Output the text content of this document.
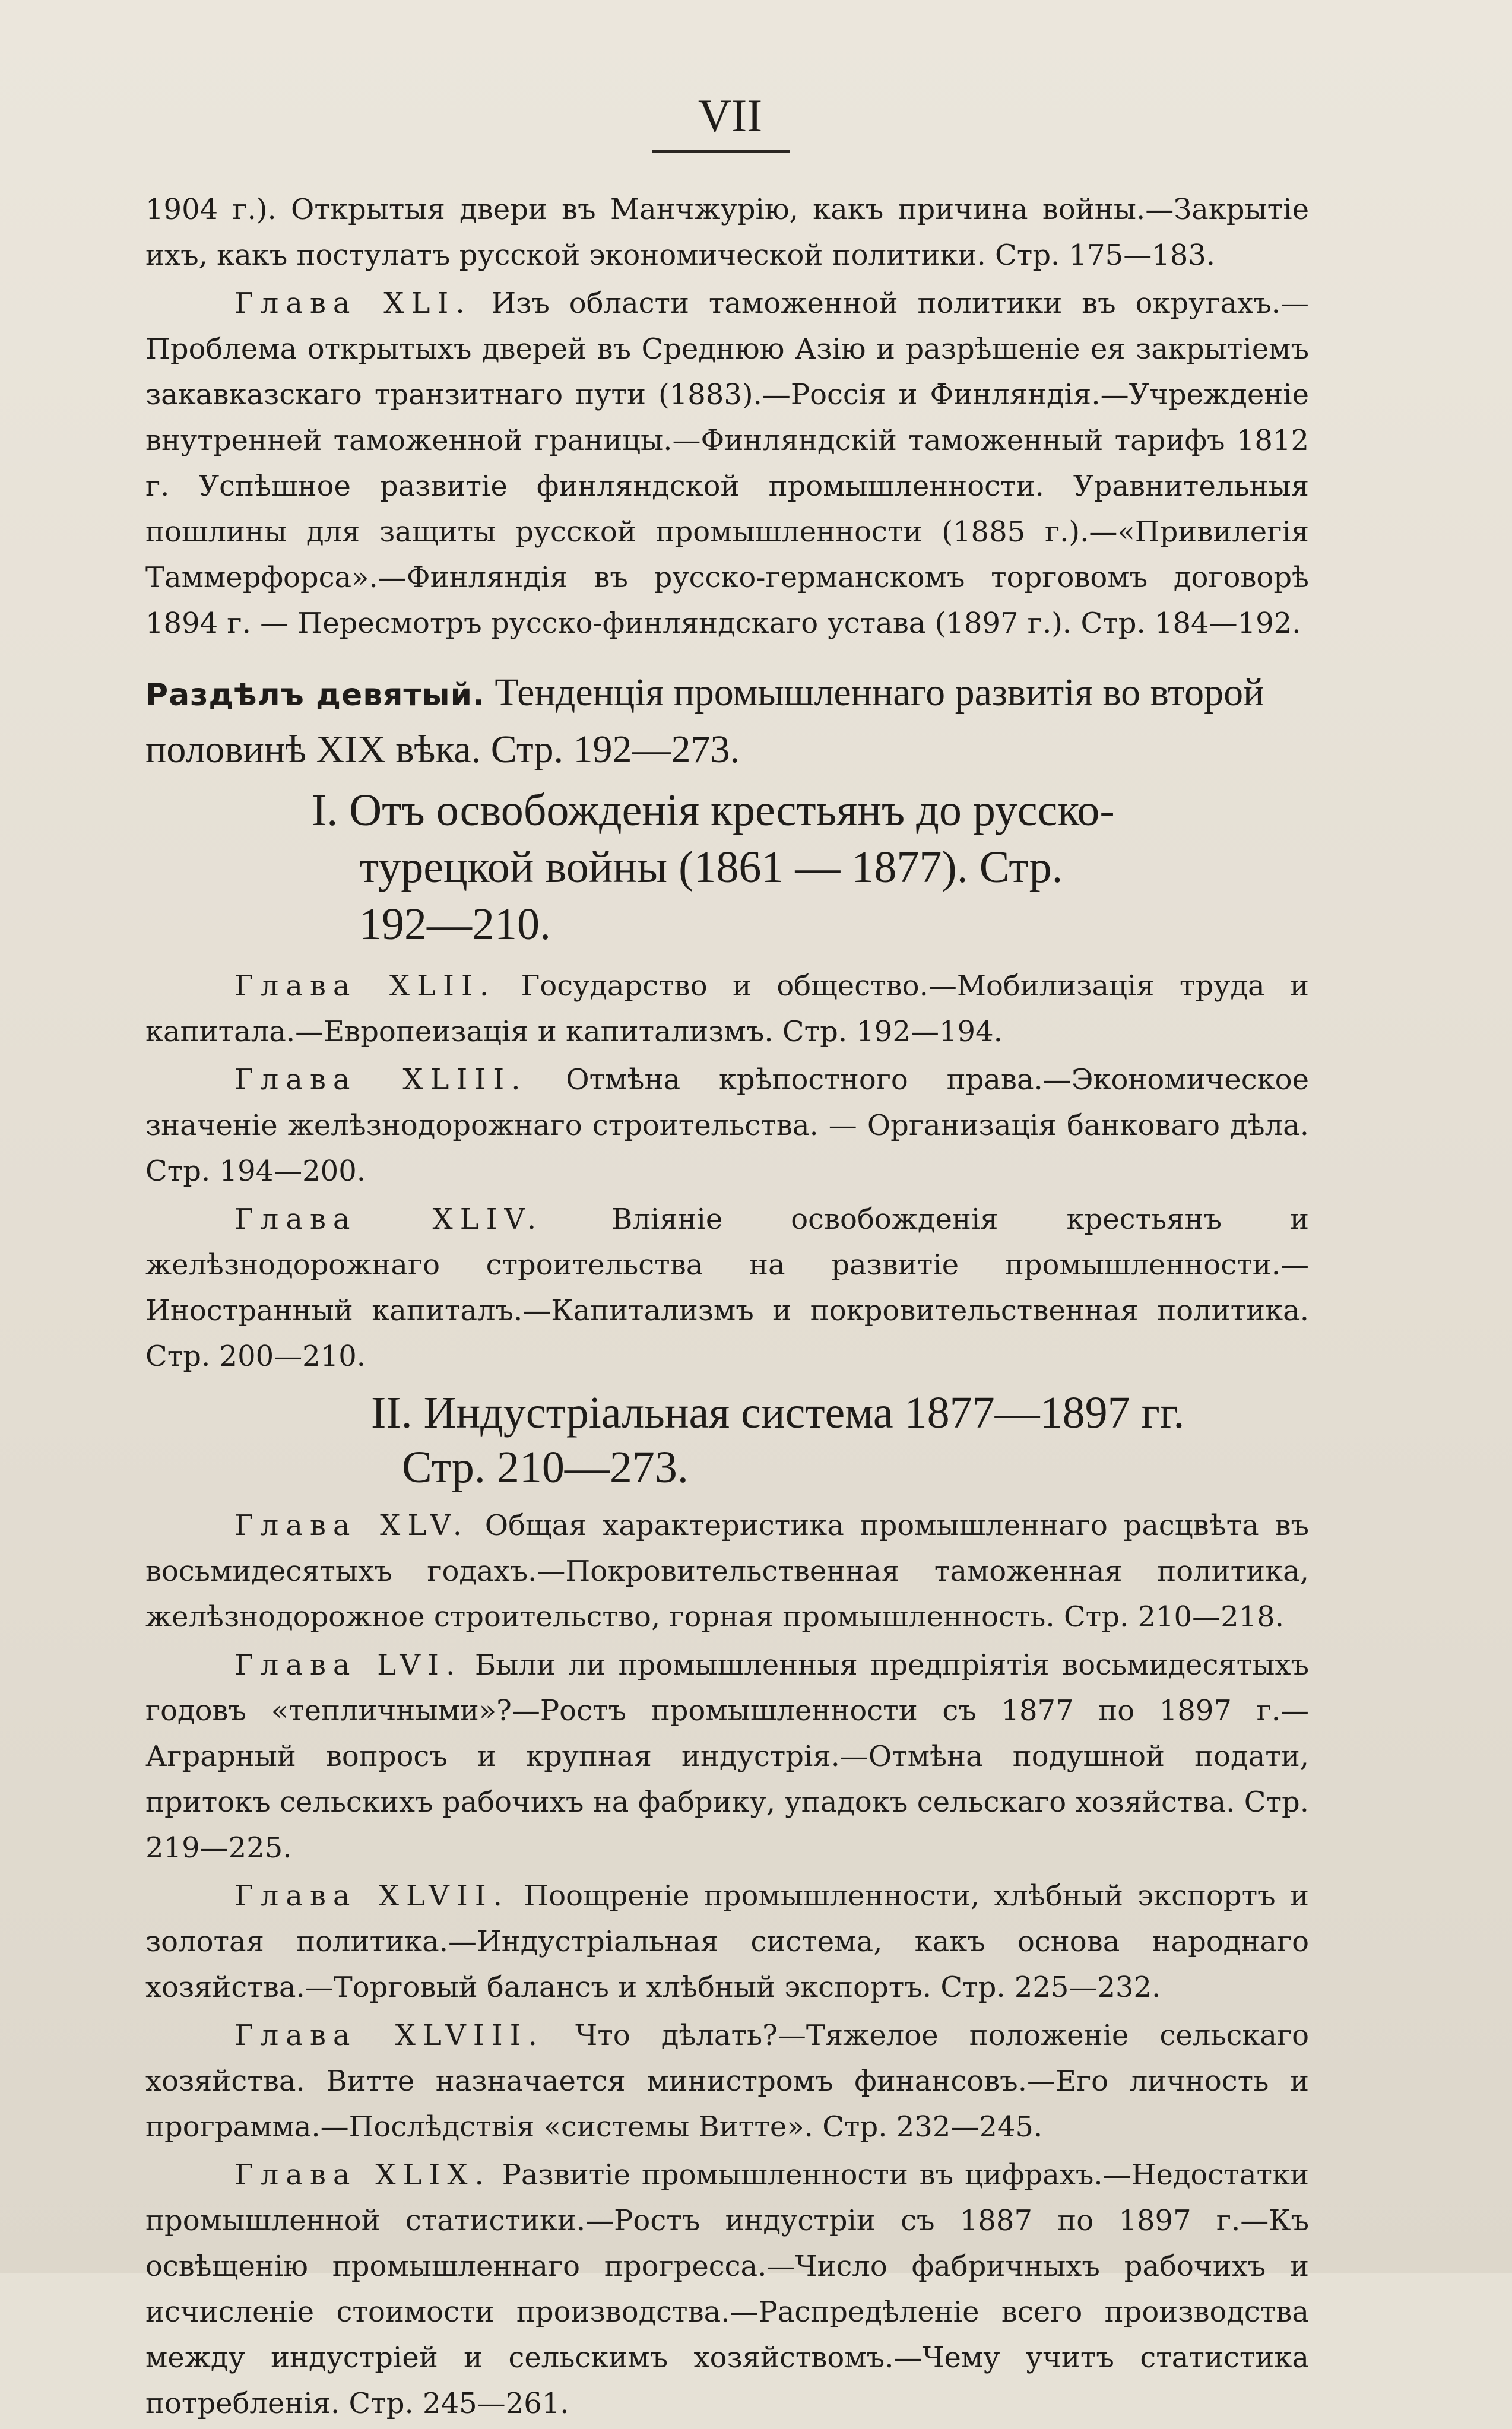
VII

1904 г.). Открытыя двери въ Манчжурію, какъ причина войны.—Закрытіе ихъ, какъ постулатъ русской экономической политики. Стр. 175—183.

Глава XLI. Изъ области таможенной политики въ округахъ.—Проблема открытыхъ дверей въ Среднюю Азію и разрѣшеніе ея закрытіемъ закавказскаго транзитнаго пути (1883).—Россія и Финляндія.—Учрежденіе внутренней таможенной границы.—Финляндскій таможенный тарифъ 1812 г. Успѣшное развитіе финляндской промышленности. Уравнительныя пошлины для защиты русской промышленности (1885 г.).—«Привилегія Таммерфорса».—Финляндія въ русско-германскомъ торговомъ договорѣ 1894 г. — Пересмотръ русско-финляндскаго устава (1897 г.). Стр. 184—192.

Раздѣлъ девятый. Тенденція промышленнаго развитія во второй половинѣ XIX вѣка. Стр. 192—273.

I. Отъ освобожденія крестьянъ до русско-
турецкой войны (1861 — 1877). Стр.
192—210.

Глава XLII. Государство и общество.—Мобилизація труда и капитала.—Европеизація и капитализмъ. Стр. 192—194.

Глава XLIII. Отмѣна крѣпостного права.—Экономическое значеніе желѣзнодорожнаго строительства. — Организація банковаго дѣла. Стр. 194—200.

Глава XLIV. Вліяніе освобожденія крестьянъ и желѣзнодорожнаго строительства на развитіе промышленности.—Иностранный капиталъ.—Капитализмъ и покровительственная политика. Стр. 200—210.

II. Индустріальная система 1877—1897 гг.
Стр. 210—273.

Глава XLV. Общая характеристика промышленнаго расцвѣта въ восьмидесятыхъ годахъ.—Покровительственная таможенная политика, желѣзнодорожное строительство, горная промышленность. Стр. 210—218.

Глава LVI. Были ли промышленныя предпріятія восьмидесятыхъ годовъ «тепличными»?—Ростъ промышленности съ 1877 по 1897 г.—Аграрный вопросъ и крупная индустрія.—Отмѣна подушной подати, притокъ сельскихъ рабочихъ на фабрику, упадокъ сельскаго хозяйства. Стр. 219—225.

Глава XLVII. Поощреніе промышленности, хлѣбный экспортъ и золотая политика.—Индустріальная система, какъ основа народнаго хозяйства.—Торговый балансъ и хлѣбный экспортъ. Стр. 225—232.

Глава XLVIII. Что дѣлать?—Тяжелое положеніе сельскаго хозяйства. Витте назначается министромъ финансовъ.—Его личность и программа.—Послѣдствія «системы Витте». Стр. 232—245.

Глава XLIX. Развитіе промышленности въ цифрахъ.—Недостатки промышленной статистики.—Ростъ индустріи съ 1887 по 1897 г.—Къ освѣщенію промышленнаго прогресса.—Число фабричныхъ рабочихъ и исчисленіе стоимости производства.—Распредѣленіе всего производства между индустріей и сельскимъ хозяйствомъ.—Чему учитъ статистика потребленія. Стр. 245—261.
